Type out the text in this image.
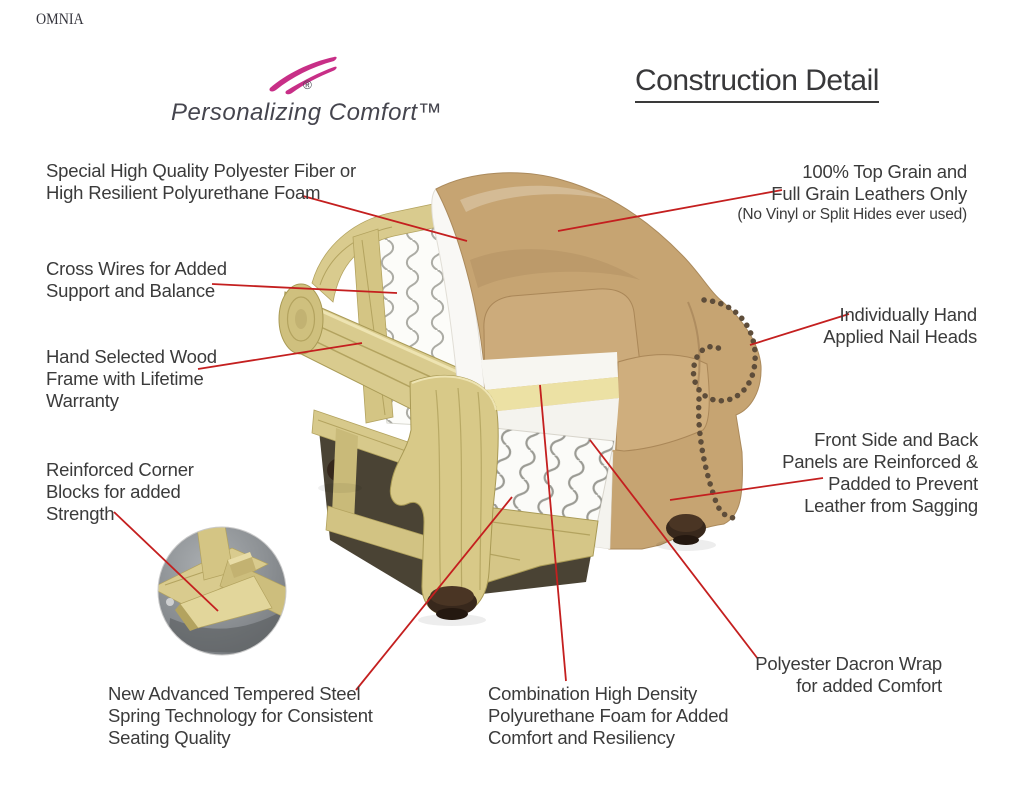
OMNIA
®
Personalizing Comfort™
Construction Detail
Special High Quality Polyester Fiber or
High Resilient Polyurethane Foam
Cross Wires for Added
Support and Balance
Hand Selected Wood
Frame with Lifetime
Warranty
Reinforced Corner
Blocks for added
Strength
New Advanced Tempered Steel
Spring Technology for Consistent
Seating Quality
Combination High Density
Polyurethane Foam for Added
Comfort and Resiliency
Polyester Dacron Wrap
for added Comfort
Front Side and Back
Panels are Reinforced &
Padded to Prevent
Leather from Sagging
Individually Hand
Applied Nail Heads
100% Top Grain and
Full Grain Leathers Only
(No Vinyl or Split Hides ever used)
